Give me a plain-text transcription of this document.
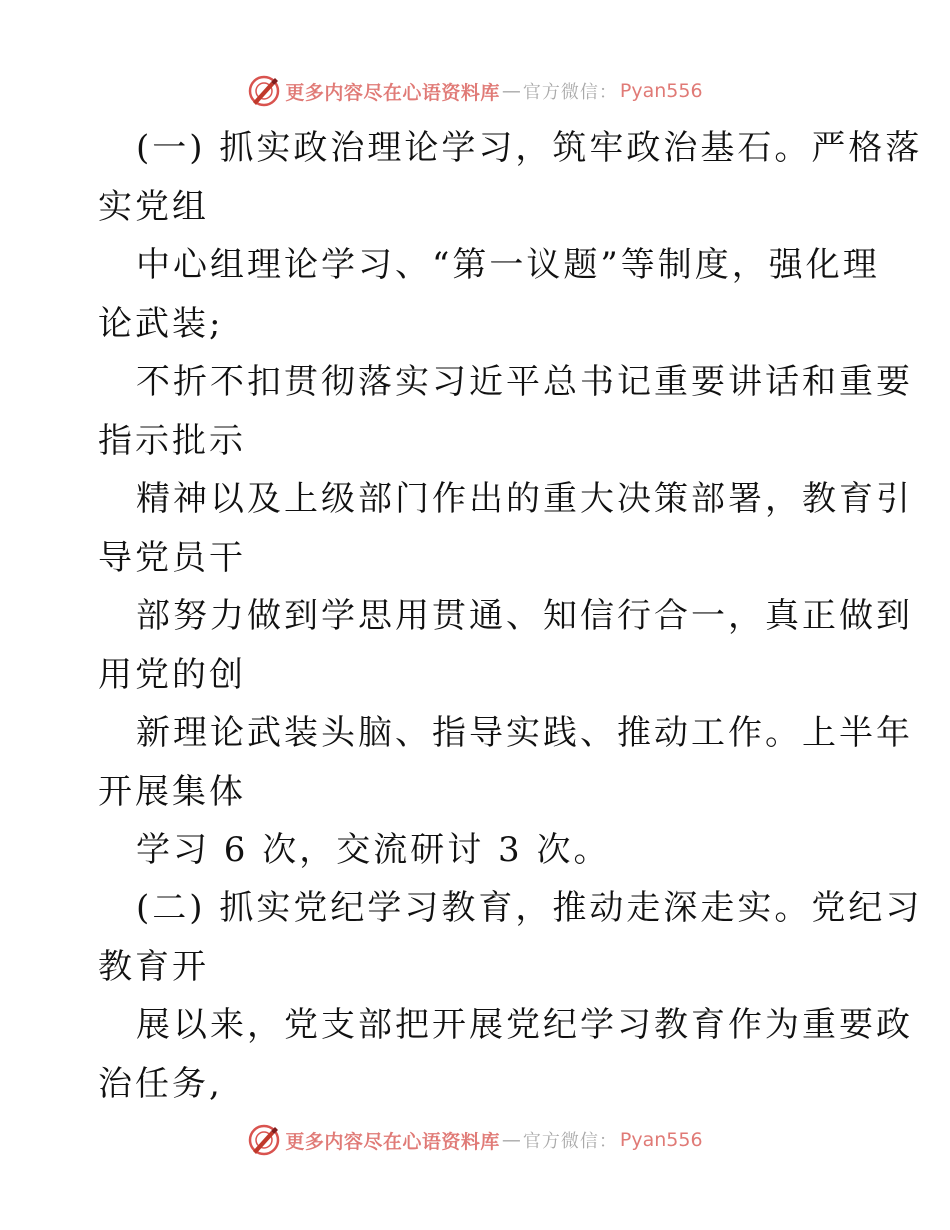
更多内容尽在心语资料库 — 官方微信： Pyan556
(一) 抓实政治理论学习，筑牢政治基石。严格落
实党组
中心组理论学习、“第一议题”等制度，强化理
论武装;
不折不扣贯彻落实习近平总书记重要讲话和重要
指示批示
精神以及上级部门作出的重大决策部署，教育引
导党员干
部努力做到学思用贯通、知信行合一，真正做到
用党的创
新理论武装头脑、指导实践、推动工作。上半年
开展集体
学习 6 次，交流研讨 3 次。
(二) 抓实党纪学习教育，推动走深走实。党纪习
教育开
展以来，党支部把开展党纪学习教育作为重要政
治任务,
更多内容尽在心语资料库 — 官方微信： Pyan556
